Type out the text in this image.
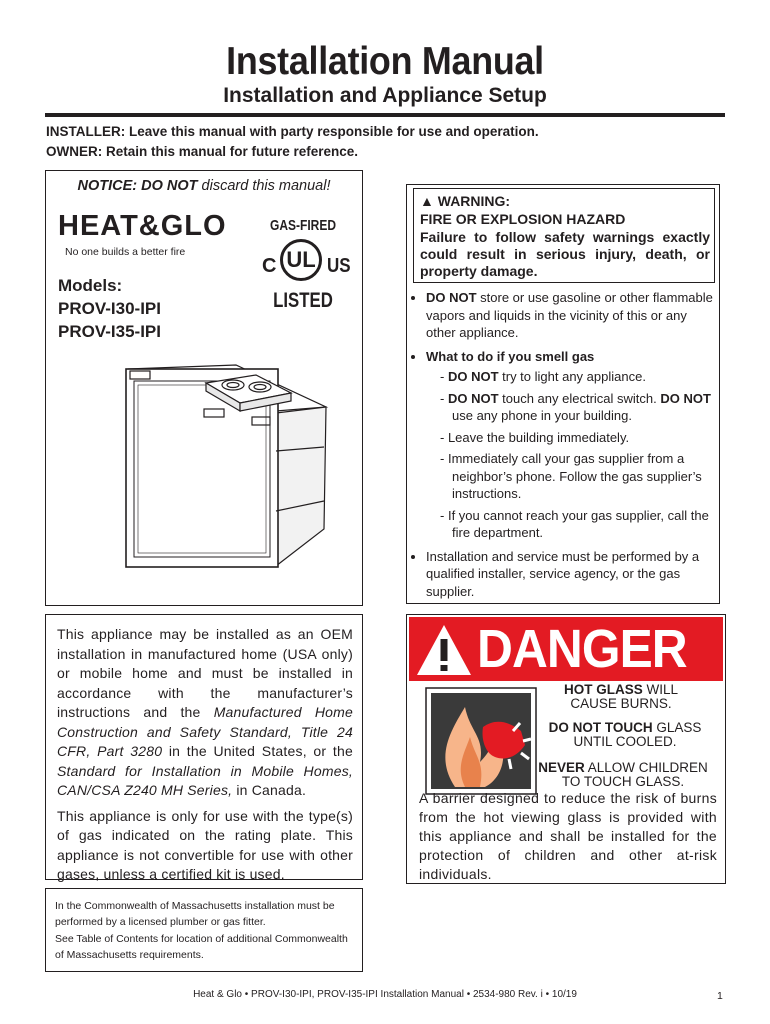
Installation Manual
Installation and Appliance Setup
INSTALLER: Leave this manual with party responsible for use and operation.
OWNER: Retain this manual for future reference.
NOTICE: DO NOT discard this manual!
HEAT&GLO
No one builds a better fire
GAS-FIRED
C UL US
LISTED
Models:
PROV-I30-IPI
PROV-I35-IPI
▲ WARNING:
FIRE OR EXPLOSION HAZARD
Failure to follow safety warnings exactly could result in serious injury, death, or property damage.
• DO NOT store or use gasoline or other flammable vapors and liquids in the vicinity of this or any other appliance.
• What to do if you smell gas
- DO NOT try to light any appliance.
- DO NOT touch any electrical switch. DO NOT use any phone in your building.
- Leave the building immediately.
- Immediately call your gas supplier from a neighbor’s phone. Follow the gas supplier’s instructions.
- If you cannot reach your gas supplier, call the fire department.
• Installation and service must be performed by a qualified installer, service agency, or the gas supplier.

This appliance may be installed as an OEM installation in manufactured home (USA only) or mobile home and must be installed in accordance with the manufacturer’s instructions and the Manufactured Home Construction and Safety Standard, Title 24 CFR, Part 3280 in the United States, or the Standard for Installation in Mobile Homes, CAN/CSA Z240 MH Series, in Canada.

This appliance is only for use with the type(s) of gas indicated on the rating plate. This appliance is not convertible for use with other gases, unless a certified kit is used.

In the Commonwealth of Massachusetts installation must be performed by a licensed plumber or gas fitter.

See Table of Contents for location of additional Commonwealth of Massachusetts requirements.

DANGER
HOT GLASS WILL
CAUSE BURNS.
DO NOT TOUCH GLASS
UNTIL COOLED.
NEVER ALLOW CHILDREN
TO TOUCH GLASS.
A barrier designed to reduce the risk of burns from the hot viewing glass is provided with this appliance and shall be installed for the protection of children and other at-risk individuals.
Heat & Glo • PROV-I30-IPI, PROV-I35-IPI Installation Manual • 2534-980 Rev. i • 10/19	1
